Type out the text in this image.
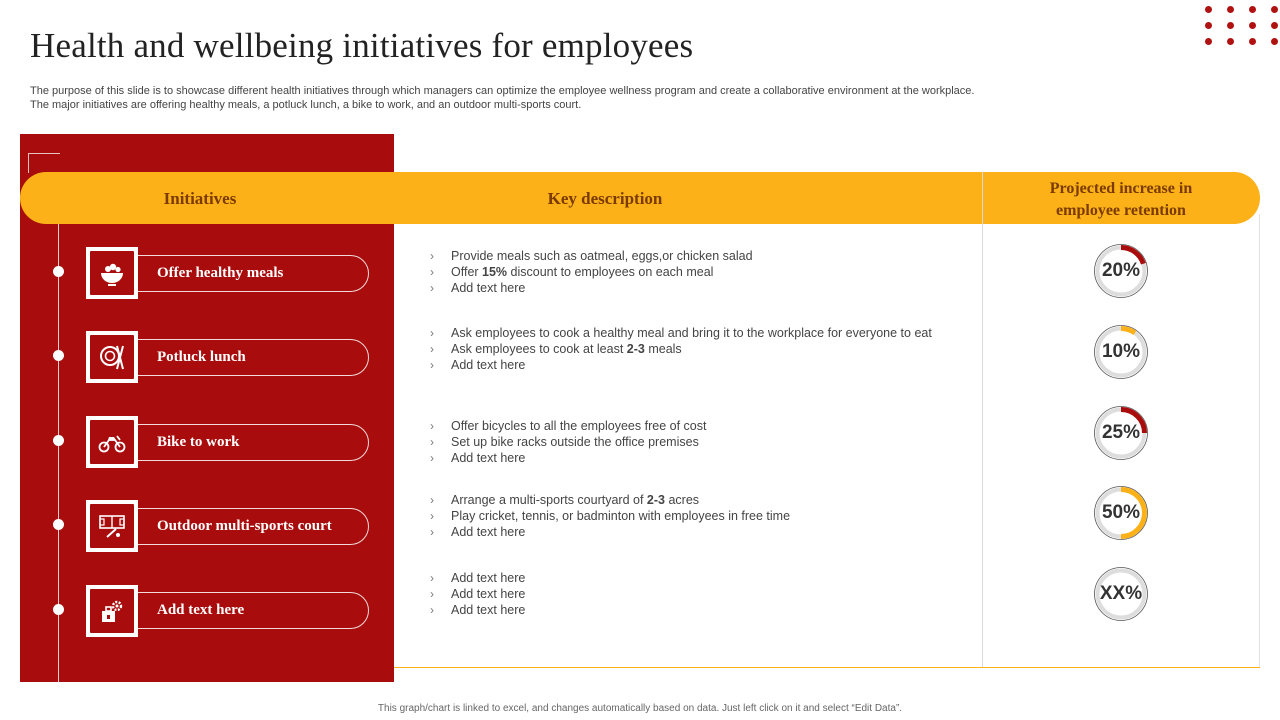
Health and wellbeing initiatives for employees
The purpose of this slide is to showcase different health initiatives through which managers can optimize the employee wellness program and create a collaborative environment at the workplace. The major initiatives are offering healthy meals, a potluck lunch, a bike to work, and an outdoor multi-sports court.
Initiatives	Key description
Projected increase in
employee retention
Offer healthy meals
› Provide meals such as oatmeal, eggs,or chicken salad
› Offer 15% discount to employees on each meal
› Add text here
20%
Potluck lunch
› Ask employees to cook a healthy meal and bring it to the workplace for everyone to eat
› Ask employees to cook at least 2-3 meals
› Add text here
10%
Bike to work
› Offer bicycles to all the employees free of cost
› Set up bike racks outside the office premises
› Add text here
25%
Outdoor multi-sports court
› Arrange a multi-sports courtyard of 2-3 acres
› Play cricket, tennis, or badminton with employees in free time
› Add text here
50%
Add text here
› Add text here
› Add text here
› Add text here
XX%
This graph/chart is linked to excel, and changes automatically based on data. Just left click on it and select “Edit Data”.
